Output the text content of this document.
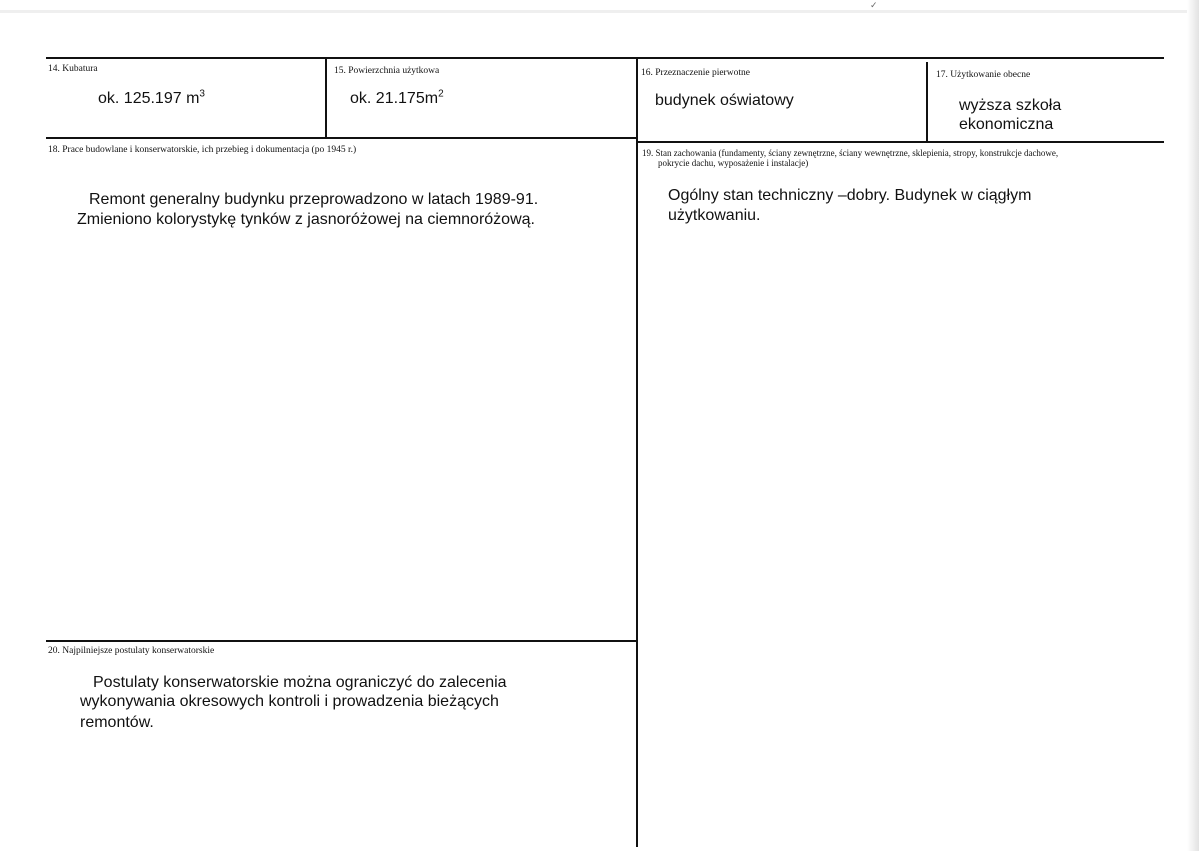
14. Kubatura
ok. 125.197 $m^3$
15. Powierzchnia użytkowa
ok. $21.175m^2$
16. Przeznaczenie pierwotne
budynek oświatowy
17. Użytkowanie obecne
wyższa szkoła
ekonomiczna
18. Prace budowlane i konserwatorskie, ich przebieg i dokumentacja (po 1945 r.)
Remont generalny budynku przeprowadzono w latach 1989-91.
Zmieniono kolorystykę tynków z jasnoróżowej na ciemnoróżową.
19. Stan zachowania (fundamenty, ściany zewnętrzne, ściany wewnętrzne, sklepienia, stropy, konstrukcje dachowe,
pokrycie dachu, wyposażenie i instalacje)
Ogólny stan techniczny –dobry. Budynek w ciągłym
użytkowaniu.
20. Najpilniejsze postulaty konserwatorskie
Postulaty konserwatorskie można ograniczyć do zalecenia
wykonywania okresowych kontroli i prowadzenia bieżących
remontów.
✓
